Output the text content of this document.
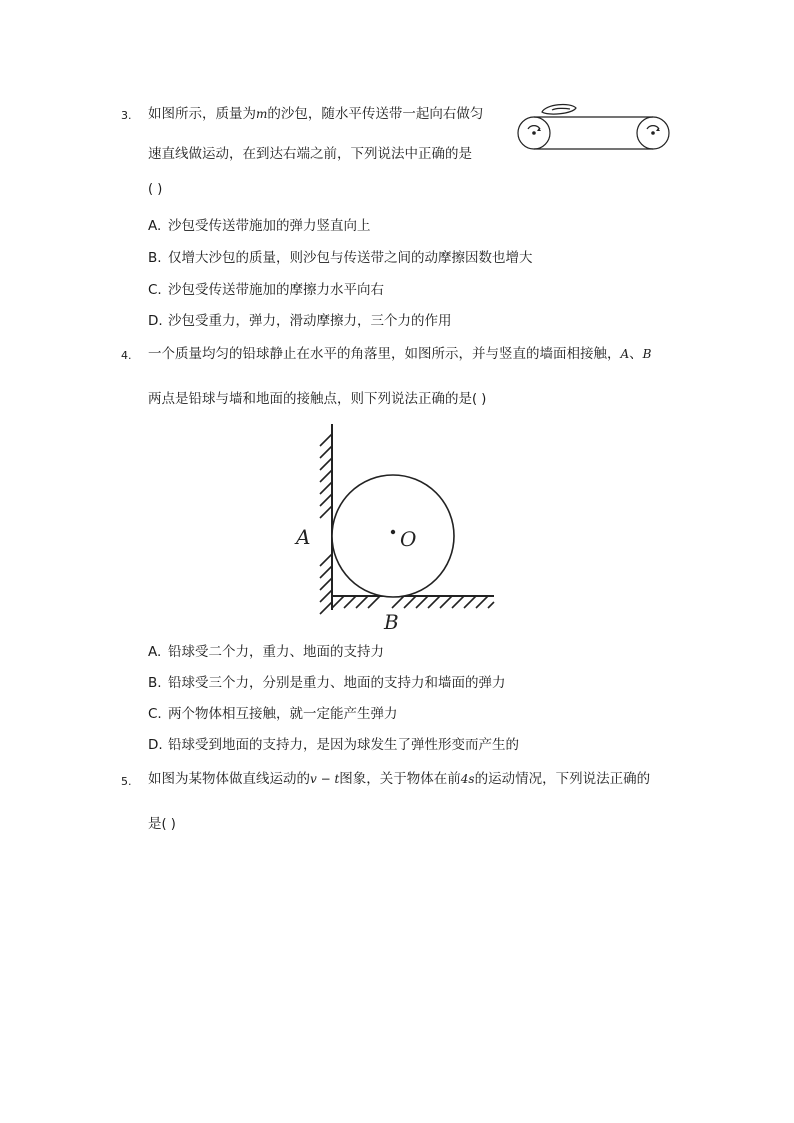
3. 如图所示，质量为m的沙包，随水平传送带一起向右做匀
速直线做运动，在到达右端之前，下列说法中正确的是
( )
A. 沙包受传送带施加的弹力竖直向上
B. 仅增大沙包的质量，则沙包与传送带之间的动摩擦因数也增大
C. 沙包受传送带施加的摩擦力水平向右
D. 沙包受重力，弹力，滑动摩擦力，三个力的作用
4. 一个质量均匀的铅球静止在水平的角落里，如图所示，并与竖直的墙面相接触，A、B
两点是铅球与墙和地面的接触点，则下列说法正确的是( )
O
A
B
A. 铅球受二个力，重力、地面的支持力
B. 铅球受三个力，分别是重力、地面的支持力和墙面的弹力
C. 两个物体相互接触，就一定能产生弹力
D. 铅球受到地面的支持力，是因为球发生了弹性形变而产生的
5. 如图为某物体做直线运动的v − t图象，关于物体在前4s的运动情况，下列说法正确的
是( )
